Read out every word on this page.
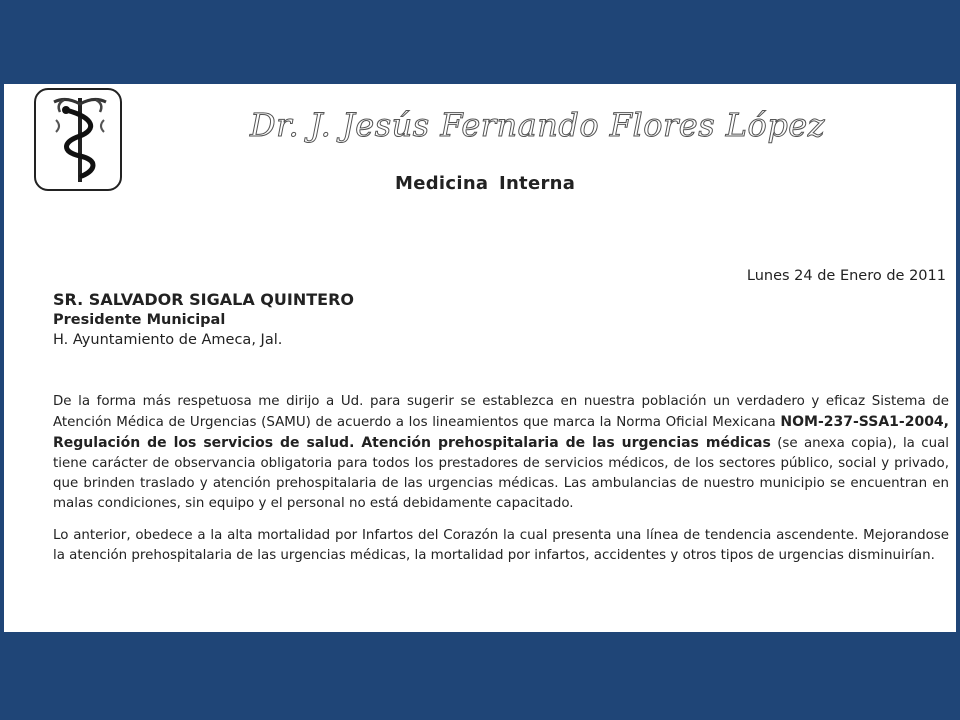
Dr. J. Jesús Fernando Flores López
Medicina Interna
Lunes 24 de Enero de 2011
SR. SALVADOR SIGALA QUINTERO
Presidente Municipal
H. Ayuntamiento de Ameca, Jal.

De la forma más respetuosa me dirijo a Ud. para sugerir se establezca en nuestra población un verdadero y eficaz Sistema de Atención Médica de Urgencias (SAMU) de acuerdo a los lineamientos que marca la Norma Oficial Mexicana NOM-237-SSA1-2004, Regulación de los servicios de salud. Atención prehospitalaria de las urgencias médicas (se anexa copia), la cual tiene carácter de observancia obligatoria para todos los prestadores de servicios médicos, de los sectores público, social y privado, que brinden traslado y atención prehospitalaria de las urgencias médicas. Las ambulancias de nuestro municipio se encuentran en malas condiciones, sin equipo y el personal no está debidamente capacitado.

Lo anterior, obedece a la alta mortalidad por Infartos del Corazón la cual presenta una línea de tendencia ascendente. Mejorandose la atención prehospitalaria de las urgencias médicas, la mortalidad por infartos, accidentes y otros tipos de urgencias disminuirían.
